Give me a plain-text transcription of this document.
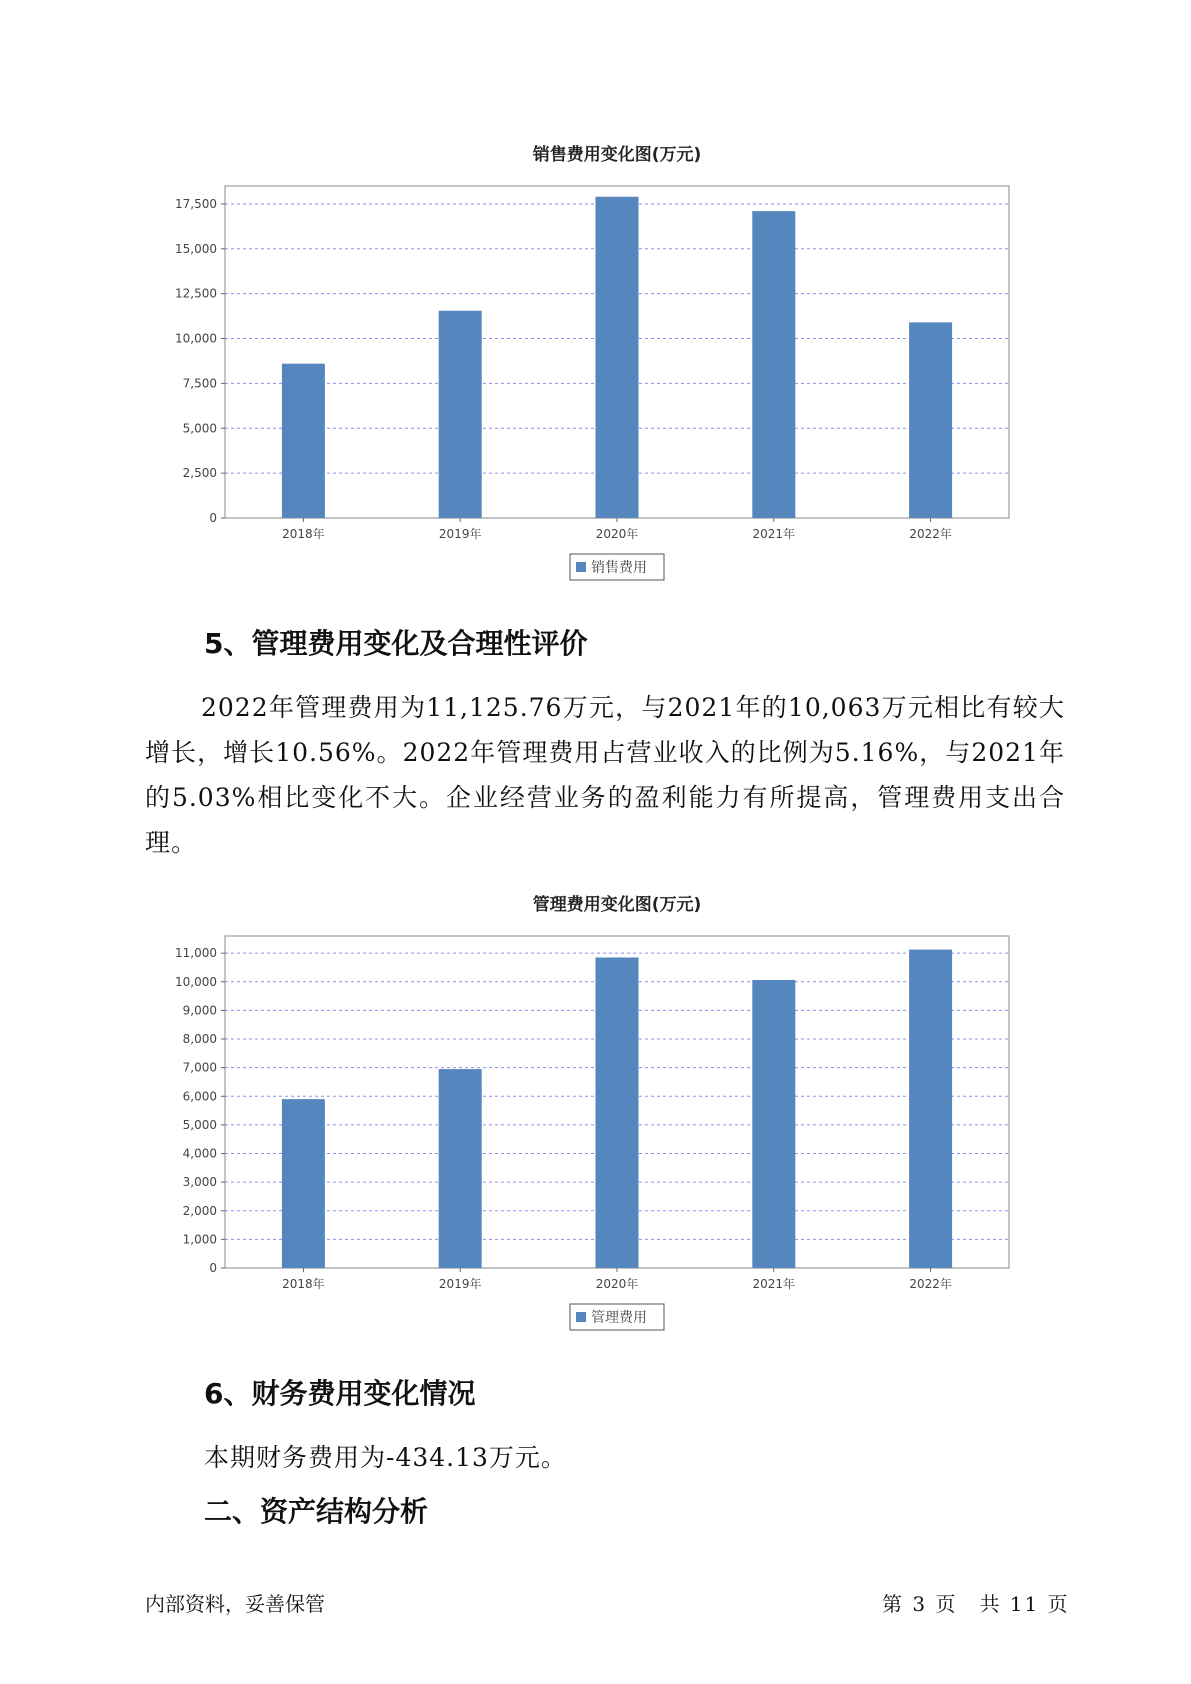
销售费用变化图(万元)
0
2,500
5,000
7,500
10,000
12,500
15,000
17,500
2018年	2019年	2020年	2021年	2022年
销售费用
5、管理费用变化及合理性评价

2022年管理费用为11,125.76万元，与2021年的10,063万元相比有较大增长，增长10.56%。2022年管理费用占营业收入的比例为5.16%，与2021年的5.03%相比变化不大。企业经营业务的盈利能力有所提高，管理费用支出合理。

管理费用变化图(万元)
0
1,000
2,000
3,000
4,000
5,000
6,000
7,000
8,000
9,000
10,000
11,000
2018年	2019年	2020年	2021年	2022年
管理费用
6、财务费用变化情况

本期财务费用为-434.13万元。

二、资产结构分析
内部资料，妥善保管	第 3 页　共 11 页
